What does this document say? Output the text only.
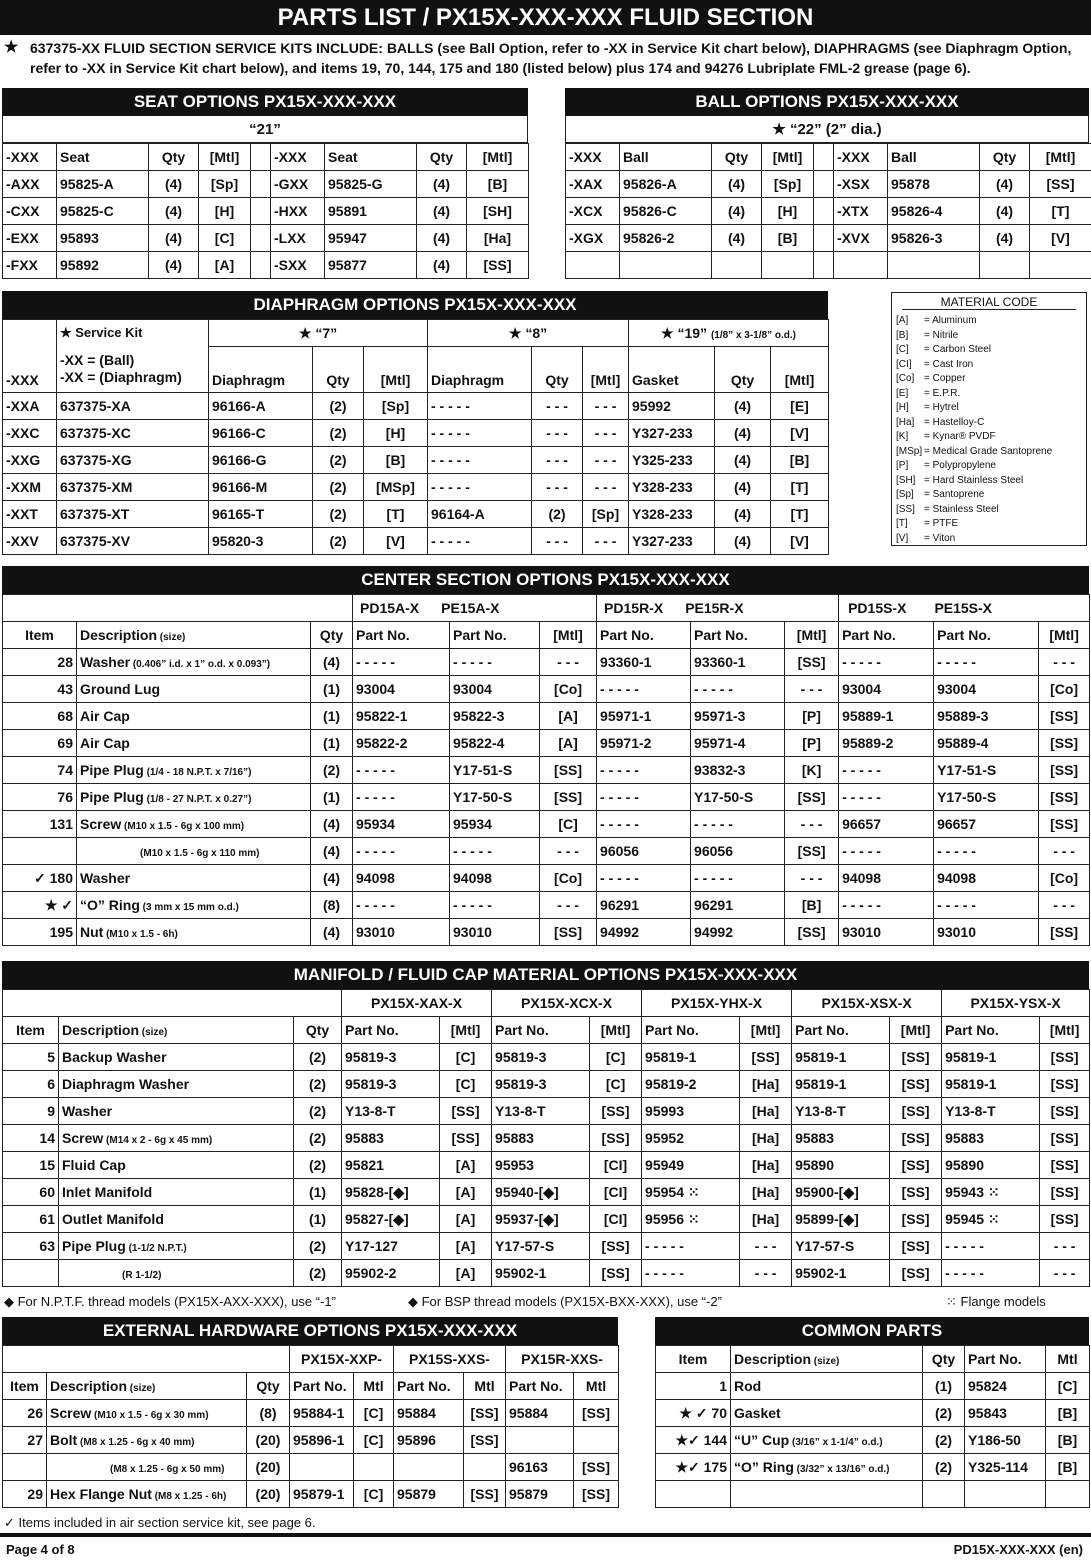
PARTS LIST / PX15X-XXX-XXX FLUID SECTION
★ 637375-XX FLUID SECTION SERVICE KITS INCLUDE: BALLS (see Ball Option, refer to -XX in Service Kit chart below), DIAPHRAGMS (see Diaphragm Option, refer to -XX in Service Kit chart below), and items 19, 70, 144, 175 and 180 (listed below) plus 174 and 94276 Lubriplate FML-2 grease (page 6).

SEAT OPTIONS PX15X-XXX-XXX
“21”
-XXX	Seat	Qty	[Mtl]		-XXX	Seat	Qty	[Mtl]
-AXX	95825-A	(4)	[Sp]		-GXX	95825-G	(4)	[B]
-CXX	95825-C	(4)	[H]		-HXX	95891	(4)	[SH]
-EXX	95893	(4)	[C]		-LXX	95947	(4)	[Ha]
-FXX	95892	(4)	[A]		-SXX	95877	(4)	[SS]
BALL OPTIONS PX15X-XXX-XXX
★ “22” (2” dia.)
-XXX	Ball	Qty	[Mtl]		-XXX	Ball	Qty	[Mtl]
-XAX	95826-A	(4)	[Sp]		-XSX	95878	(4)	[SS]
-XCX	95826-C	(4)	[H]		-XTX	95826-4	(4)	[T]
-XGX	95826-2	(4)	[B]		-XVX	95826-3	(4)	[V]

DIAPHRAGM OPTIONS PX15X-XXX-XXX
-XXX	★ Service Kit	★ “7”			★ “8”			★ “19” (1/8” x 3-1/8” o.d.)		

	-XX = (Ball)
-XX = (Diaphragm)	Diaphragm	Qty	[Mtl]	Diaphragm	Qty	[Mtl]	Gasket	Qty	[Mtl]
-XXA	637375-XA	96166-A	(2)	[Sp]	- - - - -	- - -	- - -	95992	(4)	[E]
-XXC	637375-XC	96166-C	(2)	[H]	- - - - -	- - -	- - -	Y327-233	(4)	[V]
-XXG	637375-XG	96166-G	(2)	[B]	- - - - -	- - -	- - -	Y325-233	(4)	[B]
-XXM	637375-XM	96166-M	(2)	[MSp]	- - - - -	- - -	- - -	Y328-233	(4)	[T]
-XXT	637375-XT	96165-T	(2)	[T]	96164-A	(2)	[Sp]	Y328-233	(4)	[T]
-XXV	637375-XV	95820-3	(2)	[V]	- - - - -	- - -	- - -	Y327-233	(4)	[V]
MATERIAL CODE
[A]	= Aluminum
[B]	= Nitrile
[C]	= Carbon Steel
[CI]	= Cast Iron
[Co] = Copper
[E]	= E.P.R.
[H]	= Hytrel
[Ha] = Hastelloy-C
[K]	= Kynar® PVDF
[MSp] = Medical Grade Santoprene
[P]	= Polypropylene
[SH] = Hard Stainless Steel
[Sp]	= Santoprene
[SS] = Stainless Steel
[T]	= PTFE
[V]	= Viton
CENTER SECTION OPTIONS PX15X-XXX-XXX
			PD15A-X PE15A-X			PD15R-X PE15R-X			PD15S-X PE15S-X		
Item	Description (size)	Qty	Part No.	Part No.	[Mtl]	Part No.	Part No.	[Mtl]	Part No.	Part No.	[Mtl]
28	Washer (0.406” i.d. x 1” o.d. x 0.093”)	(4)	- - - - -	- - - - -	- - -	93360-1	93360-1	[SS]	- - - - -	- - - - -	- - -
43	Ground Lug	(1)	93004	93004	[Co]	- - - - -	- - - - -	- - -	93004	93004	[Co]
68	Air Cap	(1)	95822-1	95822-3	[A]	95971-1	95971-3	[P]	95889-1	95889-3	[SS]
69	Air Cap	(1)	95822-2	95822-4	[A]	95971-2	95971-4	[P]	95889-2	95889-4	[SS]
74	Pipe Plug (1/4 - 18 N.P.T. x 7/16”)	(2)	- - - - -	Y17-51-S	[SS]	- - - - -	93832-3	[K]	- - - - -	Y17-51-S	[SS]
76	Pipe Plug (1/8 - 27 N.P.T. x 0.27”)	(1)	- - - - -	Y17-50-S	[SS]	- - - - -	Y17-50-S	[SS]	- - - - -	Y17-50-S	[SS]
131	Screw (M10 x 1.5 - 6g x 100 mm)	(4)	95934	95934	[C]	- - - - -	- - - - -	- - -	96657	96657	[SS]
	(M10 x 1.5 - 6g x 110 mm)	(4)	- - - - -	- - - - -	- - -	96056	96056	[SS]	- - - - -	- - - - -	- - -
✓ 180	Washer	(4)	94098	94098	[Co]	- - - - -	- - - - -	- - -	94098	94098	[Co]
★ ✓	“O” Ring (3 mm x 15 mm o.d.)	(8)	- - - - -	- - - - -	- - -	96291	96291	[B]	- - - - -	- - - - -	- - -
195	Nut (M10 x 1.5 - 6h)	(4)	93010	93010	[SS]	94992	94992	[SS]	93010	93010	[SS]
MANIFOLD / FLUID CAP MATERIAL OPTIONS PX15X-XXX-XXX
			PX15X-XAX-X		PX15X-XCX-X		PX15X-YHX-X		PX15X-XSX-X		PX15X-YSX-X	
Item	Description (size)	Qty	Part No.	[Mtl]	Part No.	[Mtl]	Part No.	[Mtl]	Part No.	[Mtl]	Part No.	[Mtl]
5	Backup Washer	(2)	95819-3	[C]	95819-3	[C]	95819-1	[SS]	95819-1	[SS]	95819-1	[SS]
6	Diaphragm Washer	(2)	95819-3	[C]	95819-3	[C]	95819-2	[Ha]	95819-1	[SS]	95819-1	[SS]
9	Washer	(2)	Y13-8-T	[SS]	Y13-8-T	[SS]	95993	[Ha]	Y13-8-T	[SS]	Y13-8-T	[SS]
14	Screw (M14 x 2 - 6g x 45 mm)	(2)	95883	[SS]	95883	[SS]	95952	[Ha]	95883	[SS]	95883	[SS]
15	Fluid Cap	(2)	95821	[A]	95953	[CI]	95949	[Ha]	95890	[SS]	95890	[SS]
60	Inlet Manifold	(1)	95828-[◆]	[A]	95940-[◆]	[CI]	95954 ⁙	[Ha]	95900-[◆]	[SS]	95943 ⁙	[SS]
61	Outlet Manifold	(1)	95827-[◆]	[A]	95937-[◆]	[CI]	95956 ⁙	[Ha]	95899-[◆]	[SS]	95945 ⁙	[SS]
63	Pipe Plug (1-1/2 N.P.T.)	(2)	Y17-127	[A]	Y17-57-S	[SS]	- - - - -	- - -	Y17-57-S	[SS]	- - - - -	- - -
	(R 1-1/2)	(2)	95902-2	[A]	95902-1	[SS]	- - - - -	- - -	95902-1	[SS]	- - - - -	- - -
◆ For N.P.T.F. thread models (PX15X-AXX-XXX), use “-1”	◆ For BSP thread models (PX15X-BXX-XXX), use “-2”	⁙ Flange models
EXTERNAL HARDWARE OPTIONS PX15X-XXX-XXX
			PX15X-XXP-		PX15S-XXS-		PX15R-XXS-	
Item	Description (size)	Qty	Part No.	Mtl	Part No.	Mtl	Part No.	Mtl
26	Screw (M10 x 1.5 - 6g x 30 mm)	(8)	95884-1	[C]	95884	[SS]	95884	[SS]
27	Bolt (M8 x 1.25 - 6g x 40 mm)	(20)	95896-1	[C]	95896	[SS]		
	(M8 x 1.25 - 6g x 50 mm)	(20)					96163	[SS]
29	Hex Flange Nut (M8 x 1.25 - 6h)	(20)	95879-1	[C]	95879	[SS]	95879	[SS]
COMMON PARTS
Item	Description (size)	Qty	Part No.	Mtl
1	Rod	(1)	95824	[C]
★ ✓ 70	Gasket	(2)	95843	[B]
★✓ 144	“U” Cup (3/16” x 1-1/4” o.d.)	(2)	Y186-50	[B]
★✓ 175	“O” Ring (3/32” x 13/16” o.d.)	(2)	Y325-114	[B]

✓ Items included in air section service kit, see page 6.
Page 4 of 8	PD15X-XXX-XXX (en)
